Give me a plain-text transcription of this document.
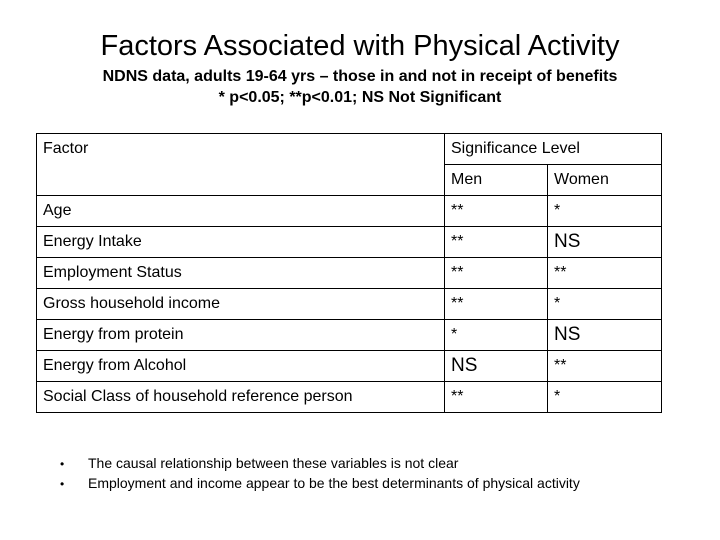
Factors Associated with Physical Activity
NDNS data, adults 19-64 yrs – those in and not in receipt of benefits
* p<0.05; **p<0.01; NS Not Significant
Factor	Significance Level	
	Men	Women
Age	**	*
Energy Intake	**	NS
Employment Status	**	**
Gross household income	**	*
Energy from protein	*	NS
Energy from Alcohol	NS	**
Social Class of household reference person	**	*
•	The causal relationship between these variables is not clear
•	Employment and income appear to be the best determinants of physical activity
